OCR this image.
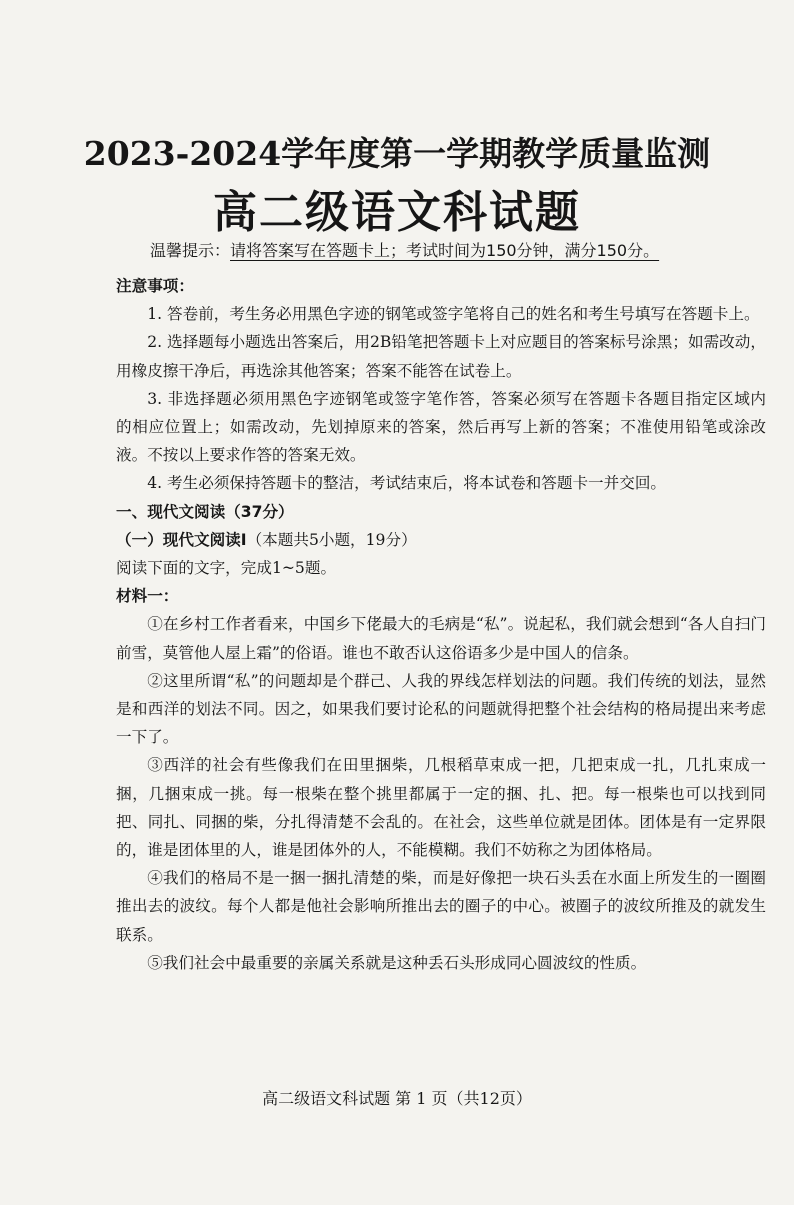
2023-2024学年度第一学期教学质量监测
高二级语文科试题
温馨提示：请将答案写在答题卡上；考试时间为150分钟，满分150分。

注意事项：

1. 答卷前，考生务必用黑色字迹的钢笔或签字笔将自己的姓名和考生号填写在答题卡上。

2. 选择题每小题选出答案后，用2B铅笔把答题卡上对应题目的答案标号涂黑；如需改动，用橡皮擦干净后，再选涂其他答案；答案不能答在试卷上。

3. 非选择题必须用黑色字迹钢笔或签字笔作答，答案必须写在答题卡各题目指定区域内　的相应位置上；如需改动，先划掉原来的答案，然后再写上新的答案；不准使用铅笔或涂改液。不按以上要求作答的答案无效。

4. 考生必须保持答题卡的整洁，考试结束后，将本试卷和答题卡一并交回。

一、现代文阅读（37分）

（一）现代文阅读Ⅰ（本题共5小题，19分）

阅读下面的文字，完成1~5题。

材料一：

①在乡村工作者看来，中国乡下佬最大的毛病是“私”。说起私，我们就会想到“各人自扫门前雪，莫管他人屋上霜”的俗语。谁也不敢否认这俗语多少是中国人的信条。

②这里所谓“私”的问题却是个群己、人我的界线怎样划法的问题。我们传统的划法，显然是和西洋的划法不同。因之，如果我们要讨论私的问题就得把整个社会结构的格局提出来考虑一下了。

③西洋的社会有些像我们在田里捆柴，几根稻草束成一把，几把束成一扎，几扎束成一捆，几捆束成一挑。每一根柴在整个挑里都属于一定的捆、扎、把。每一根柴也可以找到同把、同扎、同捆的柴，分扎得清楚不会乱的。在社会，这些单位就是团体。团体是有一定界限的，谁是团体里的人，谁是团体外的人，不能模糊。我们不妨称之为团体格局。

④我们的格局不是一捆一捆扎清楚的柴，而是好像把一块石头丢在水面上所发生的一圈圈推出去的波纹。每个人都是他社会影响所推出去的圈子的中心。被圈子的波纹所推及的就发生联系。

⑤我们社会中最重要的亲属关系就是这种丢石头形成同心圆波纹的性质。

高二级语文科试题 第 1 页（共12页）
